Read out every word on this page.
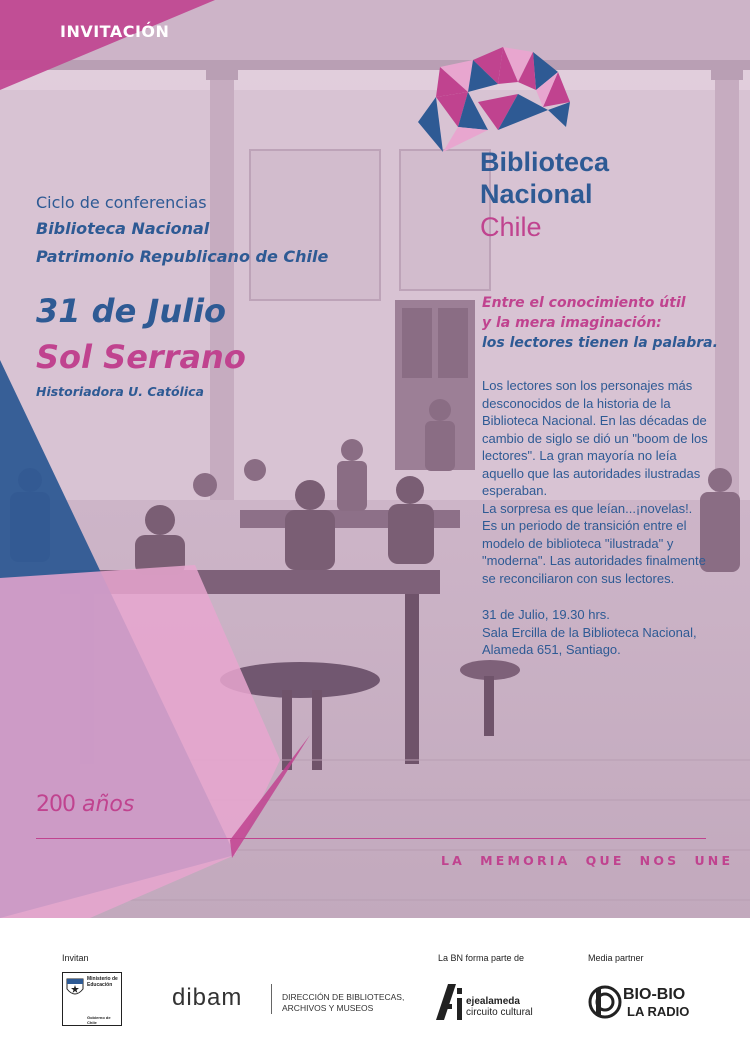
INVITACIÓN
Biblioteca
Nacional
Chile
Ciclo de conferencias
Biblioteca Nacional
Patrimonio Republicano de Chile
31 de Julio
Sol Serrano
Historiadora U. Católica
Entre el conocimiento útil
y la mera imaginación:
los lectores tienen la palabra.
Los lectores son los personajes más
desconocidos de la historia de la
Biblioteca Nacional. En las décadas de
cambio de siglo se dió un "boom de los
lectores". La gran mayoría no leía
aquello que las autoridades ilustradas
esperaban.
La sorpresa es que leían...¡novelas!.
Es un periodo de transición entre el
modelo de biblioteca "ilustrada" y
"moderna". Las autoridades finalmente
se reconciliaron con sus lectores.
31 de Julio, 19.30 hrs.
Sala Ercilla de la Biblioteca Nacional,
Alameda 651, Santiago.
200 años
LA  MEMORIA  QUE  NOS  UNE
Invitan	La BN forma parte de	Media partner
Ministerio de
Educación
Gobierno de Chile
dibam	DIRECCIÓN DE BIBLIOTECAS,
ARCHIVOS Y MUSEOS
ejealameda
circuito cultural
BIO-BIO
LA RADIO
